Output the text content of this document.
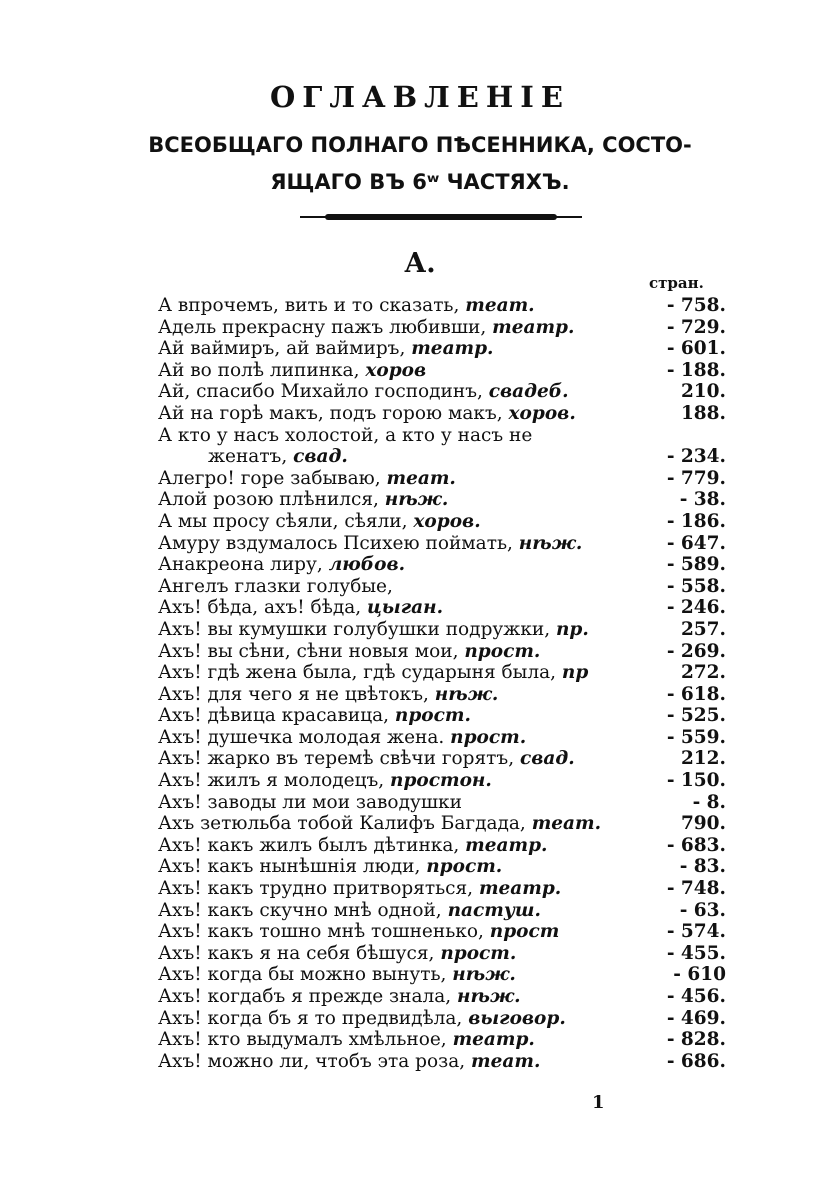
ОГЛАВЛЕНІЕ
ВСЕОБЩАГО ПОЛНАГО ПѢСЕННИКА, СОСТО-
ЯЩАГО ВЪ 6ʷ ЧАСТЯХЪ.
А.
стран.
А впрочемъ, вить и то сказать, теат.	- 758.
Адель прекрасну пажъ любивши, театр.	- 729.
Ай ваймиръ, ай ваймиръ, театр.	- 601.
Ай во полѣ липинка, хоров	- 188.
Ай, спасибо Михайло господинъ, свадеб.	210.
Ай на горѣ макъ, подъ горою макъ, хоров.	188.
А кто у насъ холостой, а кто у насъ не
женатъ, свад.	- 234.
Алегро! горе забываю, теат.	- 779.
Алой розою плѣнился, нѣж.	- 38.
А мы просу сѣяли, сѣяли, хоров.	- 186.
Амуру вздумалось Психею поймать, нѣж.	- 647.
Анакреона лиру, любов.	- 589.
Ангелъ глазки голубые,	- 558.
Ахъ! бѣда, ахъ! бѣда, цыган.	- 246.
Ахъ! вы кумушки голубушки подружки, пр.	257.
Ахъ! вы сѣни, сѣни новыя мои, прост.	- 269.
Ахъ! гдѣ жена была, гдѣ сударыня была, пр	272.
Ахъ! для чего я не цвѣтокъ, нѣж.	- 618.
Ахъ! дѣвица красавица, прост.	- 525.
Ахъ! душечка молодая жена. прост.	- 559.
Ахъ! жарко въ теремѣ свѣчи горятъ, свад.	212.
Ахъ! жилъ я молодецъ, простон.	- 150.
Ахъ! заводы ли мои заводушки	- 8.
Ахъ зетюльба тобой Калифъ Багдада, теат.	790.
Ахъ! какъ жилъ былъ дѣтинка, театр.	- 683.
Ахъ! какъ нынѣшнія люди, прост.	- 83.
Ахъ! какъ трудно притворяться, театр.	- 748.
Ахъ! какъ скучно мнѣ одной, пастуш.	- 63.
Ахъ! какъ тошно мнѣ тошненько, прост	- 574.
Ахъ! какъ я на себя бѣшуся, прост.	- 455.
Ахъ! когда бы можно вынуть, нѣж.	- 610
Ахъ! когдабъ я прежде знала, нѣж.	- 456.
Ахъ! когда бъ я то предвидѣла, выговор.	- 469.
Ахъ! кто выдумалъ хмѣльное, театр.	- 828.
Ахъ! можно ли, чтобъ эта роза, теат.	- 686.
1
